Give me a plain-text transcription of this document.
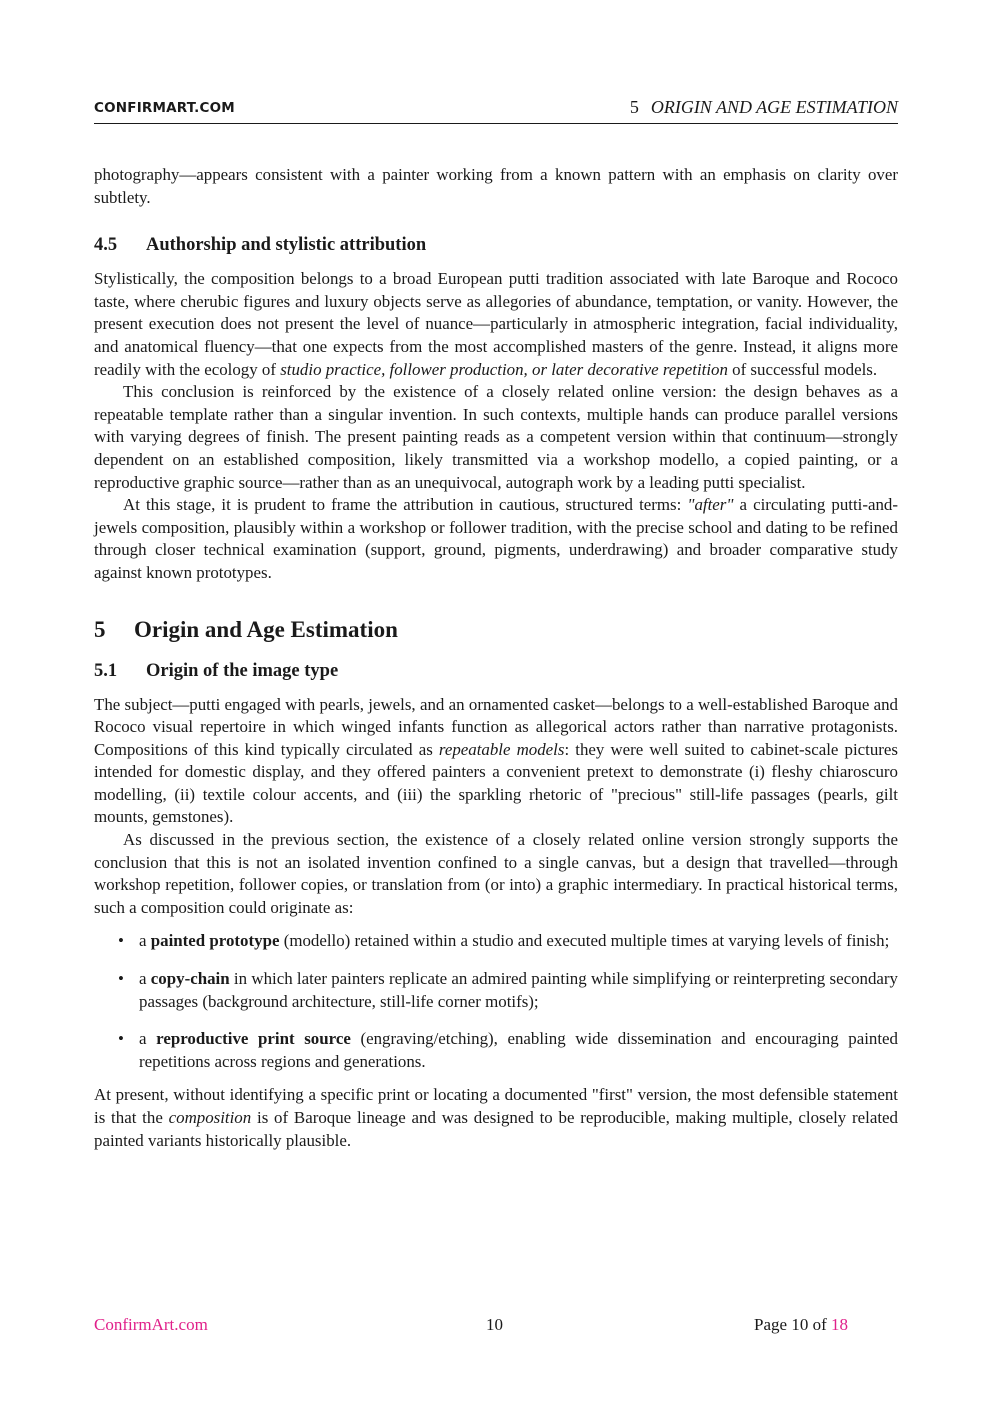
CONFIRMART.COM	5 ORIGIN AND AGE ESTIMATION

photography—appears consistent with a painter working from a known pattern with an emphasis on clarity over subtlety.

4.5 Authorship and stylistic attribution

Stylistically, the composition belongs to a broad European putti tradition associated with late Baroque and Rococo taste, where cherubic figures and luxury objects serve as allegories of abundance, temptation, or vanity. However, the present execution does not present the level of nuance—particularly in atmospheric integration, facial individuality, and anatomical fluency—that one expects from the most accomplished masters of the genre. Instead, it aligns more readily with the ecology of studio practice, follower production, or later decorative repetition of successful models.

This conclusion is reinforced by the existence of a closely related online version: the design behaves as a repeatable template rather than a singular invention. In such contexts, multiple hands can produce parallel versions with varying degrees of finish. The present painting reads as a competent version within that continuum—strongly dependent on an established composition, likely transmitted via a workshop modello, a copied painting, or a reproductive graphic source—rather than as an unequivocal, autograph work by a leading putti specialist.

At this stage, it is prudent to frame the attribution in cautious, structured terms: "after" a circulating putti-and-jewels composition, plausibly within a workshop or follower tradition, with the precise school and dating to be refined through closer technical examination (support, ground, pigments, underdrawing) and broader comparative study against known prototypes.

5 Origin and Age Estimation
5.1 Origin of the image type

The subject—putti engaged with pearls, jewels, and an ornamented casket—belongs to a well-established Baroque and Rococo visual repertoire in which winged infants function as allegorical actors rather than narrative protagonists. Compositions of this kind typically circulated as repeatable models: they were well suited to cabinet-scale pictures intended for domestic display, and they offered painters a convenient pretext to demonstrate (i) fleshy chiaroscuro modelling, (ii) textile colour accents, and (iii) the sparkling rhetoric of "precious" still-life passages (pearls, gilt mounts, gemstones).

As discussed in the previous section, the existence of a closely related online version strongly supports the conclusion that this is not an isolated invention confined to a single canvas, but a design that travelled—through workshop repetition, follower copies, or translation from (or into) a graphic intermediary. In practical historical terms, such a composition could originate as:

• a painted prototype (modello) retained within a studio and executed multiple times at varying levels of finish;
• a copy-chain in which later painters replicate an admired painting while simplifying or reinterpreting secondary passages (background architecture, still-life corner motifs);
• a reproductive print source (engraving/etching), enabling wide dissemination and encouraging painted repetitions across regions and generations.

At present, without identifying a specific print or locating a documented "first" version, the most defensible statement is that the composition is of Baroque lineage and was designed to be reproducible, making multiple, closely related painted variants historically plausible.

ConfirmArt.com	10	Page 10 of 18
